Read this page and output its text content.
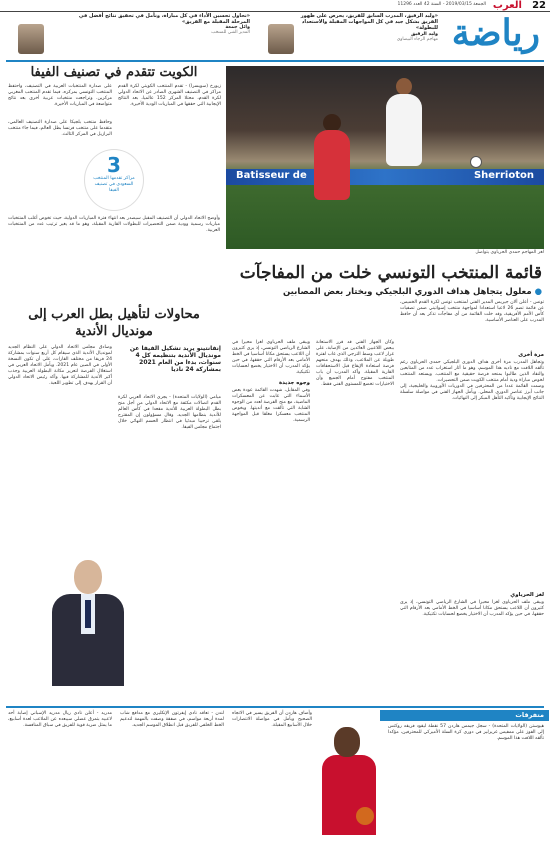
22
العرب
الجمعة 2019/03/15 - السنة 42 العدد 11296
رياضة
«وليد الرفيق، المدرب السابق للفريق، يحرص على ظهور الفريق بشكل جيد في كل المواجهات المقبلة والاستعداد للبطولة»
وليد الرفيق
مهاجم الرجاء البيضاوي
«نحاول تحسين الأداء في كل مباراة، ونأمل في تحقيق نتائج أفضل في المرحلة المقبلة مع الفريق»
وائل جمعة
المدير الفني للمنتخب
Batisseur de	Sherrioton
لغز المهاجم حمدي الحرباوي يتواصل
قائمة المنتخب التونسي خلت من المفاجآت
● معلول يتجاهل هداف الدوري البلجيكي ويختار بعض المصابين
تونس - أعلن ألان جيريس المدير الفني لمنتخب تونس لكرة القدم الخميس، عن قائمة تضم 26 لاعبا استعدادا لمواجهة منتخب إسواتيني ضمن تصفيات كأس الأمم الأفريقية، وقد خلت القائمة من أي مفاجآت تذكر بعد أن حافظ المدرب على العناصر الأساسية.
مرة أخرى
وتجاهل المدرب مرة أخرى هداف الدوري البلجيكي حمدي الحرباوي رغم تألقه اللافت مع ناديه هذا الموسم، وهو ما أثار استغراب عدد من المتابعين والنقاد الذين طالبوا بمنحه فرصة حقيقية مع المنتخب. ويستعد المنتخب لخوض مباراة ودية أمام منتخب الكويت ضمن التحضيرات.
وضمت القائمة عددا من المحترفين في الدوريات الأوروبية والخليجية، إلى جانب أبرز عناصر الدوري المحلي. ويأمل الجهاز الفني في مواصلة سلسلة النتائج الإيجابية وتأكيد التأهل المبكر إلى النهائيات.
لغز الحرباوي
ويبقى ملف الحرباوي لغزا محيرا في الشارع الرياضي التونسي، إذ يرى كثيرون أن اللاعب يستحق مكانا أساسيا في الخط الأمامي بعد الأرقام التي حققها، في حين يؤكد المدرب أن الاختيار يخضع لحسابات تكتيكية.
وكان الجهاز الفني قد قرر الاستعانة ببعض اللاعبين العائدين من الإصابة، على غرار لاعب وسط الترجي الذي غاب لفترة طويلة عن الملاعب، وذلك بهدف منحهم فرصة استعادة الإيقاع قبل الاستحقاقات القارية المقبلة. وأكد المدرب أن باب المنتخب مفتوح أمام الجميع وأن الاختيارات تخضع للمستوى الفني فقط.
ويبقى ملف الحرباوي لغزا محيرا في الشارع الرياضي التونسي، إذ يرى كثيرون أن اللاعب يستحق مكانا أساسيا في الخط الأمامي بعد الأرقام التي حققها، في حين يؤكد المدرب أن الاختيار يخضع لحسابات تكتيكية.
وجوه جديدة
وفي المقابل، شهدت القائمة عودة بعض الأسماء التي غابت عن المعسكرات الماضية، مع منح الفرصة لعدد من الوجوه الشابة التي تألقت مع أنديتها. ويخوض المنتخب معسكرا مغلقا قبل المواجهة الرسمية.
الكويت تتقدم في تصنيف الفيفا
زيورخ (سويسرا) - تقدم المنتخب الكويتي لكرة القدم مراكز في التصنيف الشهري الصادر عن الاتحاد الدولي لكرة القدم، محتلا المركز 152 عالميا، بعد النتائج الإيجابية التي حققها في المباريات الودية الأخيرة.
على صدارة المنتخبات العربية في التصنيف، واحتفظ المنتخب التونسي بمركزه، فيما تقدم المنتخب المغربي مركزين. وتراجعت منتخبات عربية أخرى بعد نتائج متواضعة في المباريات الأخيرة.
وحافظ منتخب بلجيكا على صدارة التصنيف العالمي، متقدما على منتخب فرنسا بطل العالم، فيما جاء منتخب البرازيل في المركز الثالث.
3
مراكز تقدمها المنتخب السعودي في تصنيف الفيفا
وأوضح الاتحاد الدولي أن التصنيف المقبل سيصدر بعد انتهاء فترة المباريات الدولية، حيث تخوض أغلب المنتخبات مباريات رسمية وودية ضمن التحضيرات للبطولات القارية المقبلة، وهو ما قد يغير ترتيب عدد من المنتخبات العربية.
محاولات لتأهيل بطل العرب إلى مونديال الأندية
إنفانتينو يريد تشكيل الفيفا عن مونديال الأندية بتنظيمه كل 4 سنوات، بدءا من العام 2021 بمشاركة 24 ناديا
ميامي (الولايات المتحدة) - يجري الاتحاد العربي لكرة القدم اتصالات مكثفة مع الاتحاد الدولي من أجل منح بطل البطولة العربية للأندية مقعدا في كأس العالم للأندية بنظامها الجديد. وقال مسؤولون إن المقترح يلقى ترحيبا مبدئيا في انتظار الحسم النهائي خلال اجتماع مجلس الفيفا.
وصادق مجلس الاتحاد الدولي على النظام الجديد لمونديال الأندية الذي سيقام كل أربع سنوات بمشاركة 24 فريقا من مختلف القارات، على أن تكون النسخة الأولى في الصين عام 2021. ويأمل الاتحاد العربي في استغلال الفرصة لتعزيز مكانة البطولة العربية وجذب أكبر الأندية للمشاركة فيها. وأكد رئيس الاتحاد الدولي أن القرار يهدف إلى تطوير اللعبة.
متفرقات
هيوستن (الولايات المتحدة) - سجل جيمس هاردن 57 نقطة ليقود فريقه روكتس إلى الفوز على ممفيس غريزليز في دوري كرة السلة الأميركي للمحترفين، مؤكدا تألقه اللافت هذا الموسم.
وأضاف هاردن أن الفريق يسير في الاتجاه الصحيح ويأمل في مواصلة الانتصارات خلال الأسابيع المقبلة.
لندن - تعاقد نادي إيفرتون الإنكليزي مع مدافع شاب لمدة أربعة مواسم، في صفقة وصفت بالمهمة لتدعيم الخط الخلفي للفريق قبل انطلاق الموسم الجديد.
مدريد - أعلن نادي ريال مدريد الإسباني إصابة أحد لاعبيه بتمزق عضلي سيبعده عن الملاعب لعدة أسابيع، ما يمثل ضربة قوية للفريق في سباق المنافسة.
